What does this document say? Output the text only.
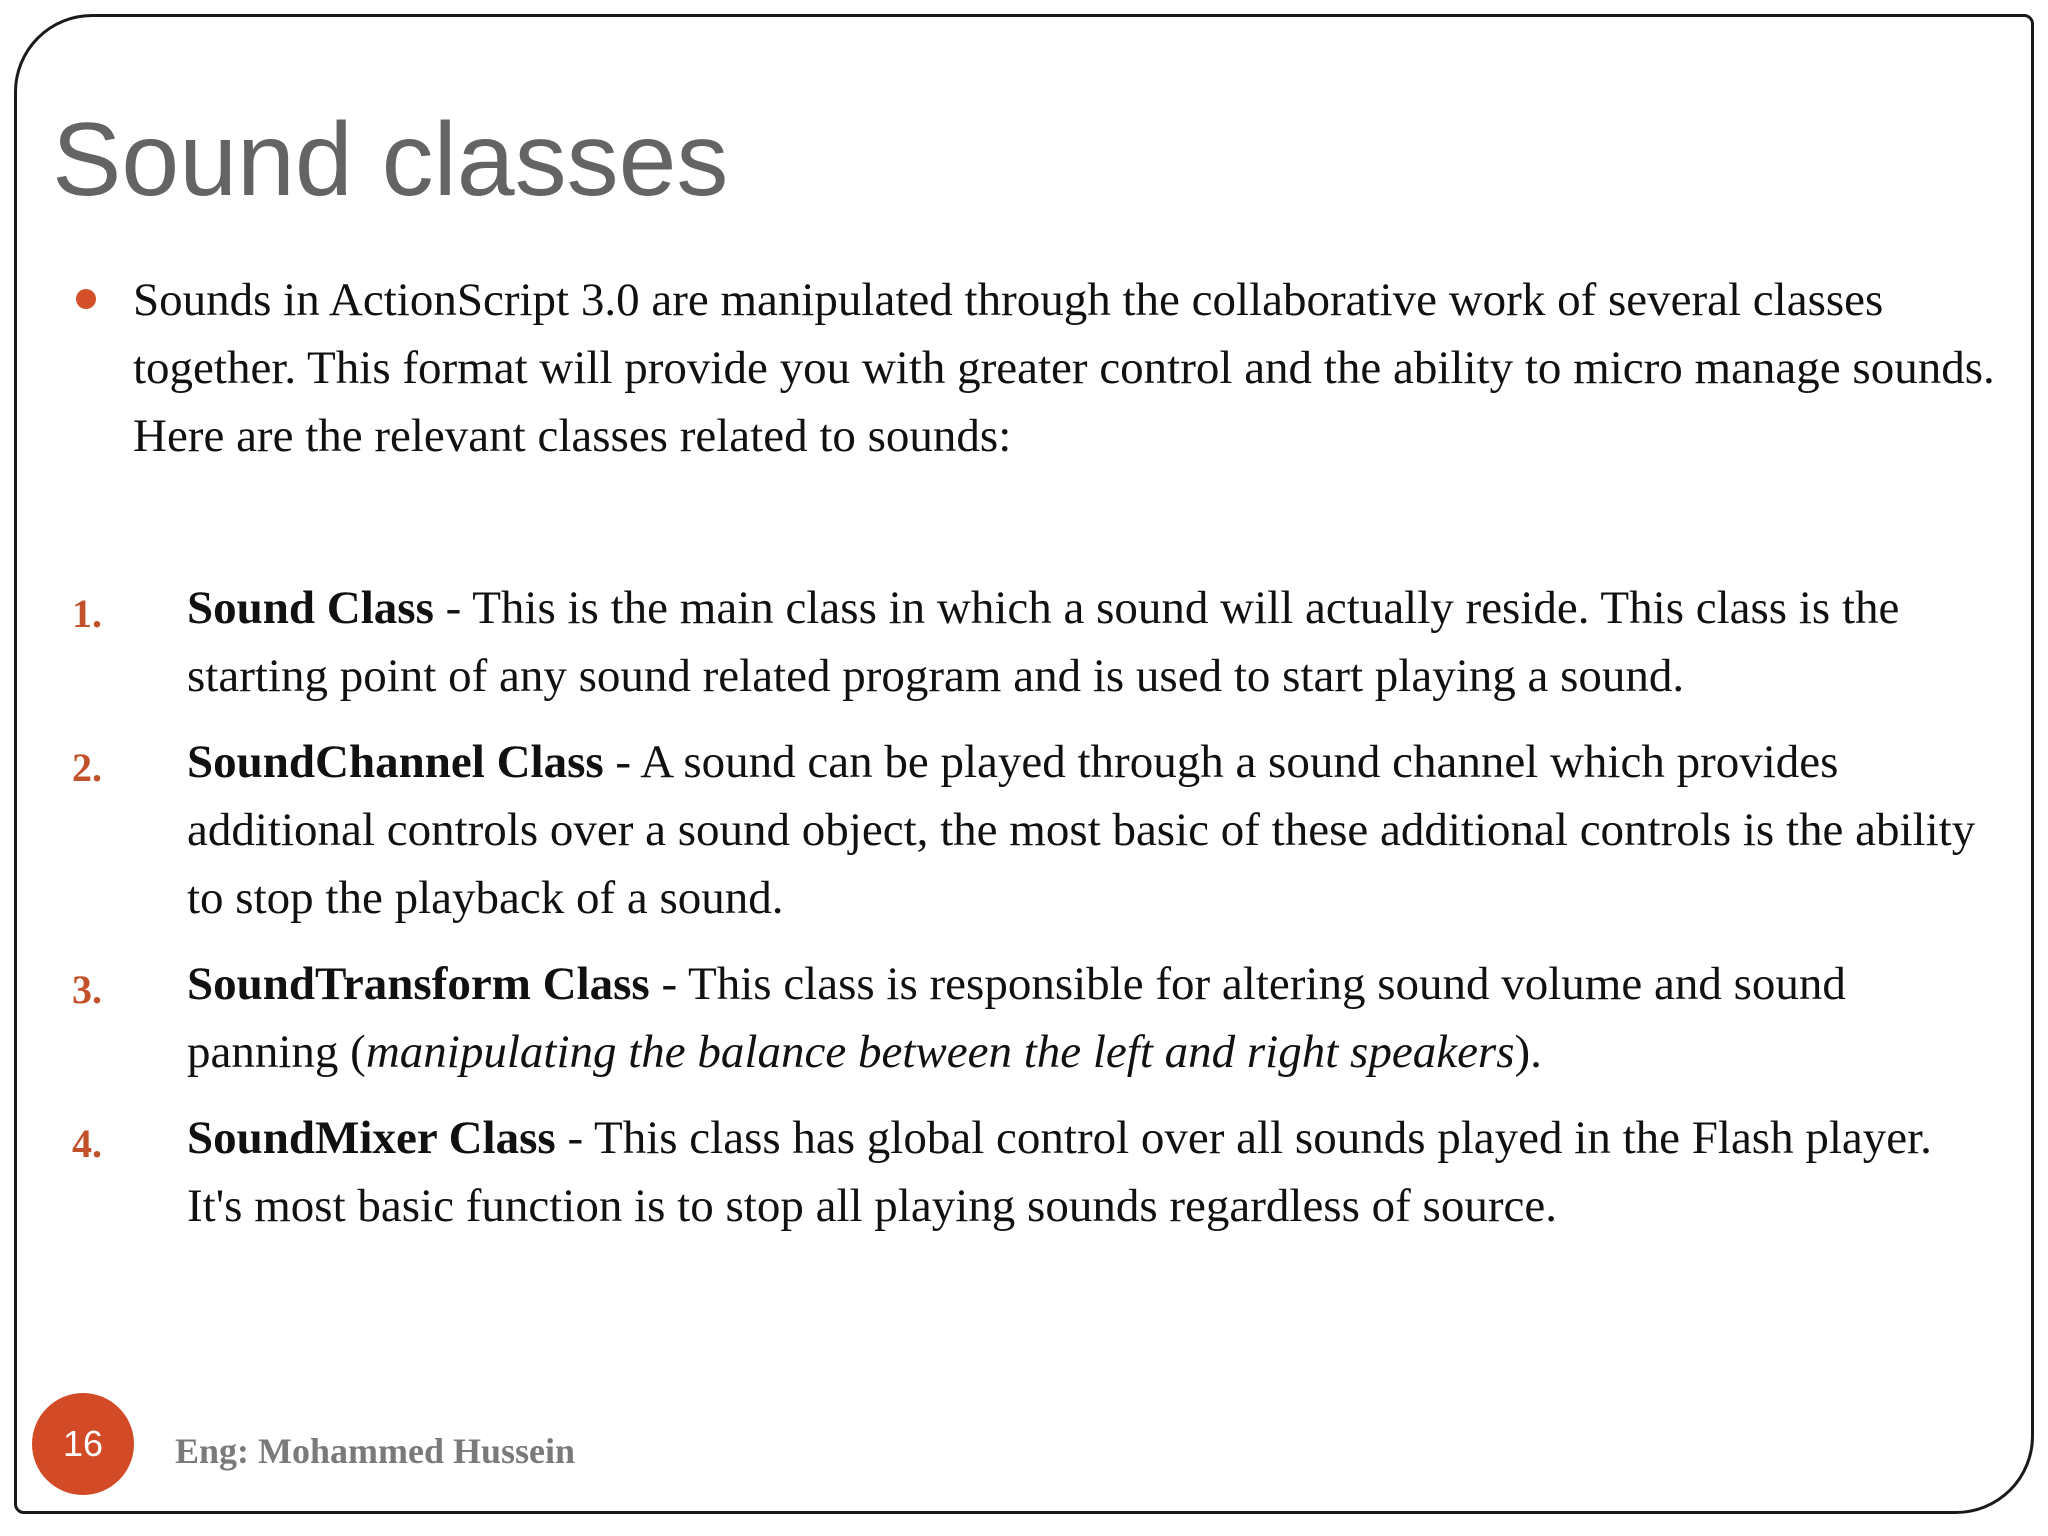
Sound classes

Sounds in ActionScript 3.0 are manipulated through the collaborative work of several classes together. This format will provide you with greater control and the ability to micro manage sounds. Here are the relevant classes related to sounds:

1. Sound Class - This is the main class in which a sound will actually reside. This class is the starting point of any sound related program and is used to start playing a sound.

2. SoundChannel Class - A sound can be played through a sound channel which provides additional controls over a sound object, the most basic of these additional controls is the ability to stop the playback of a sound.

3. SoundTransform Class - This class is responsible for altering sound volume and sound panning (manipulating the balance between the left and right speakers).

4. SoundMixer Class - This class has global control over all sounds played in the Flash player. It's most basic function is to stop all playing sounds regardless of source.

16 Eng: Mohammed Hussein
